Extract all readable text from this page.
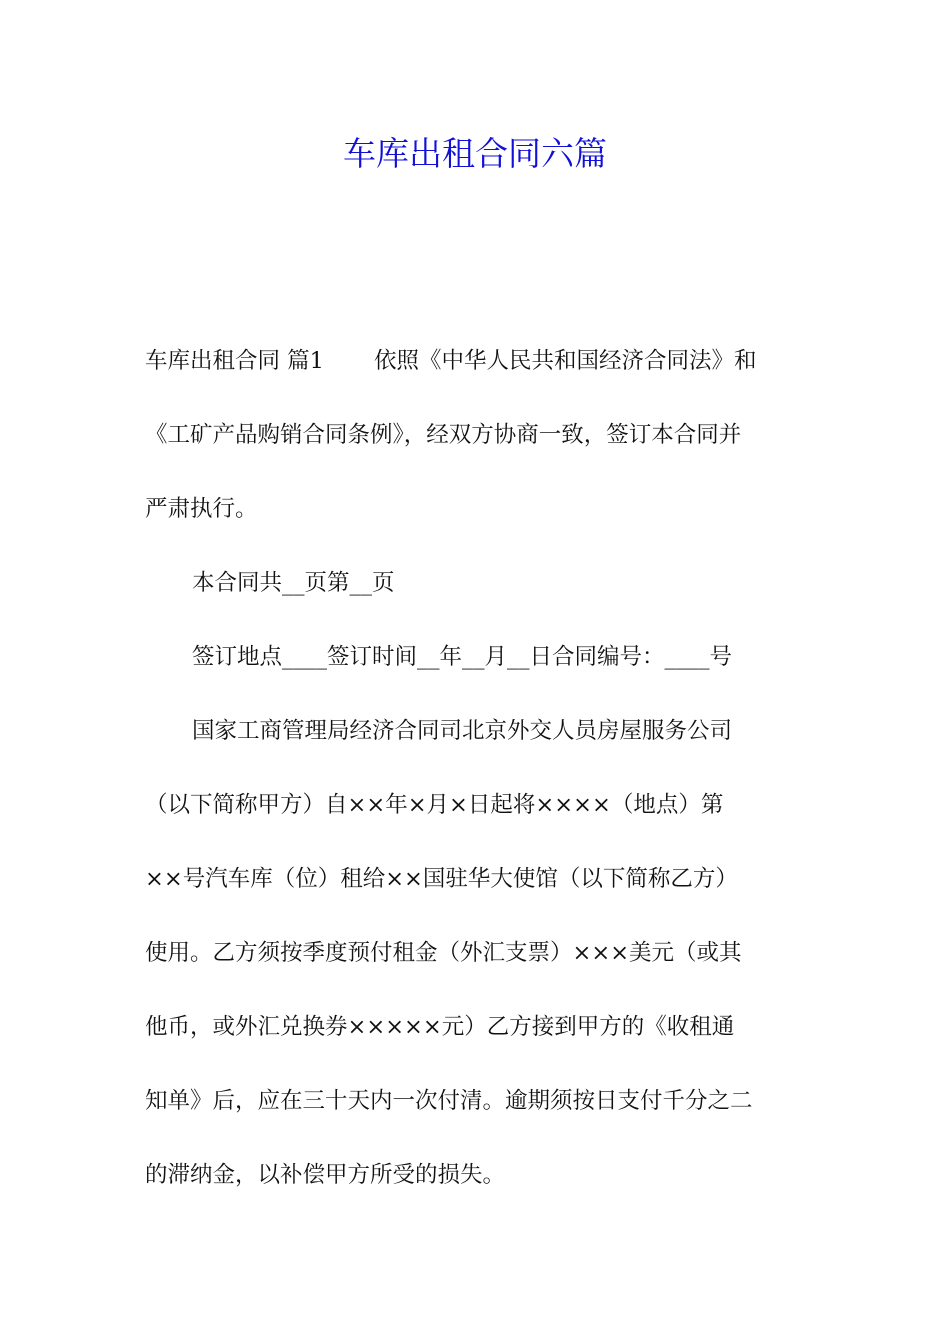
车库出租合同六篇
车库出租合同 篇1 依照《中华人民共和国经济合同法》和
《工矿产品购销合同条例》，经双方协商一致，签订本合同并
严肃执行。
本合同共__页第__页
签订地点____签订时间__年__月__日合同编号：____号
国家工商管理局经济合同司北京外交人员房屋服务公司
（以下简称甲方）自××年×月×日起将××××（地点）第
××号汽车库（位）租给××国驻华大使馆（以下简称乙方）
使用。乙方须按季度预付租金（外汇支票）×××美元（或其
他币，或外汇兑换券×××××元）乙方接到甲方的《收租通
知单》后，应在三十天内一次付清。逾期须按日支付千分之二
的滞纳金，以补偿甲方所受的损失。
